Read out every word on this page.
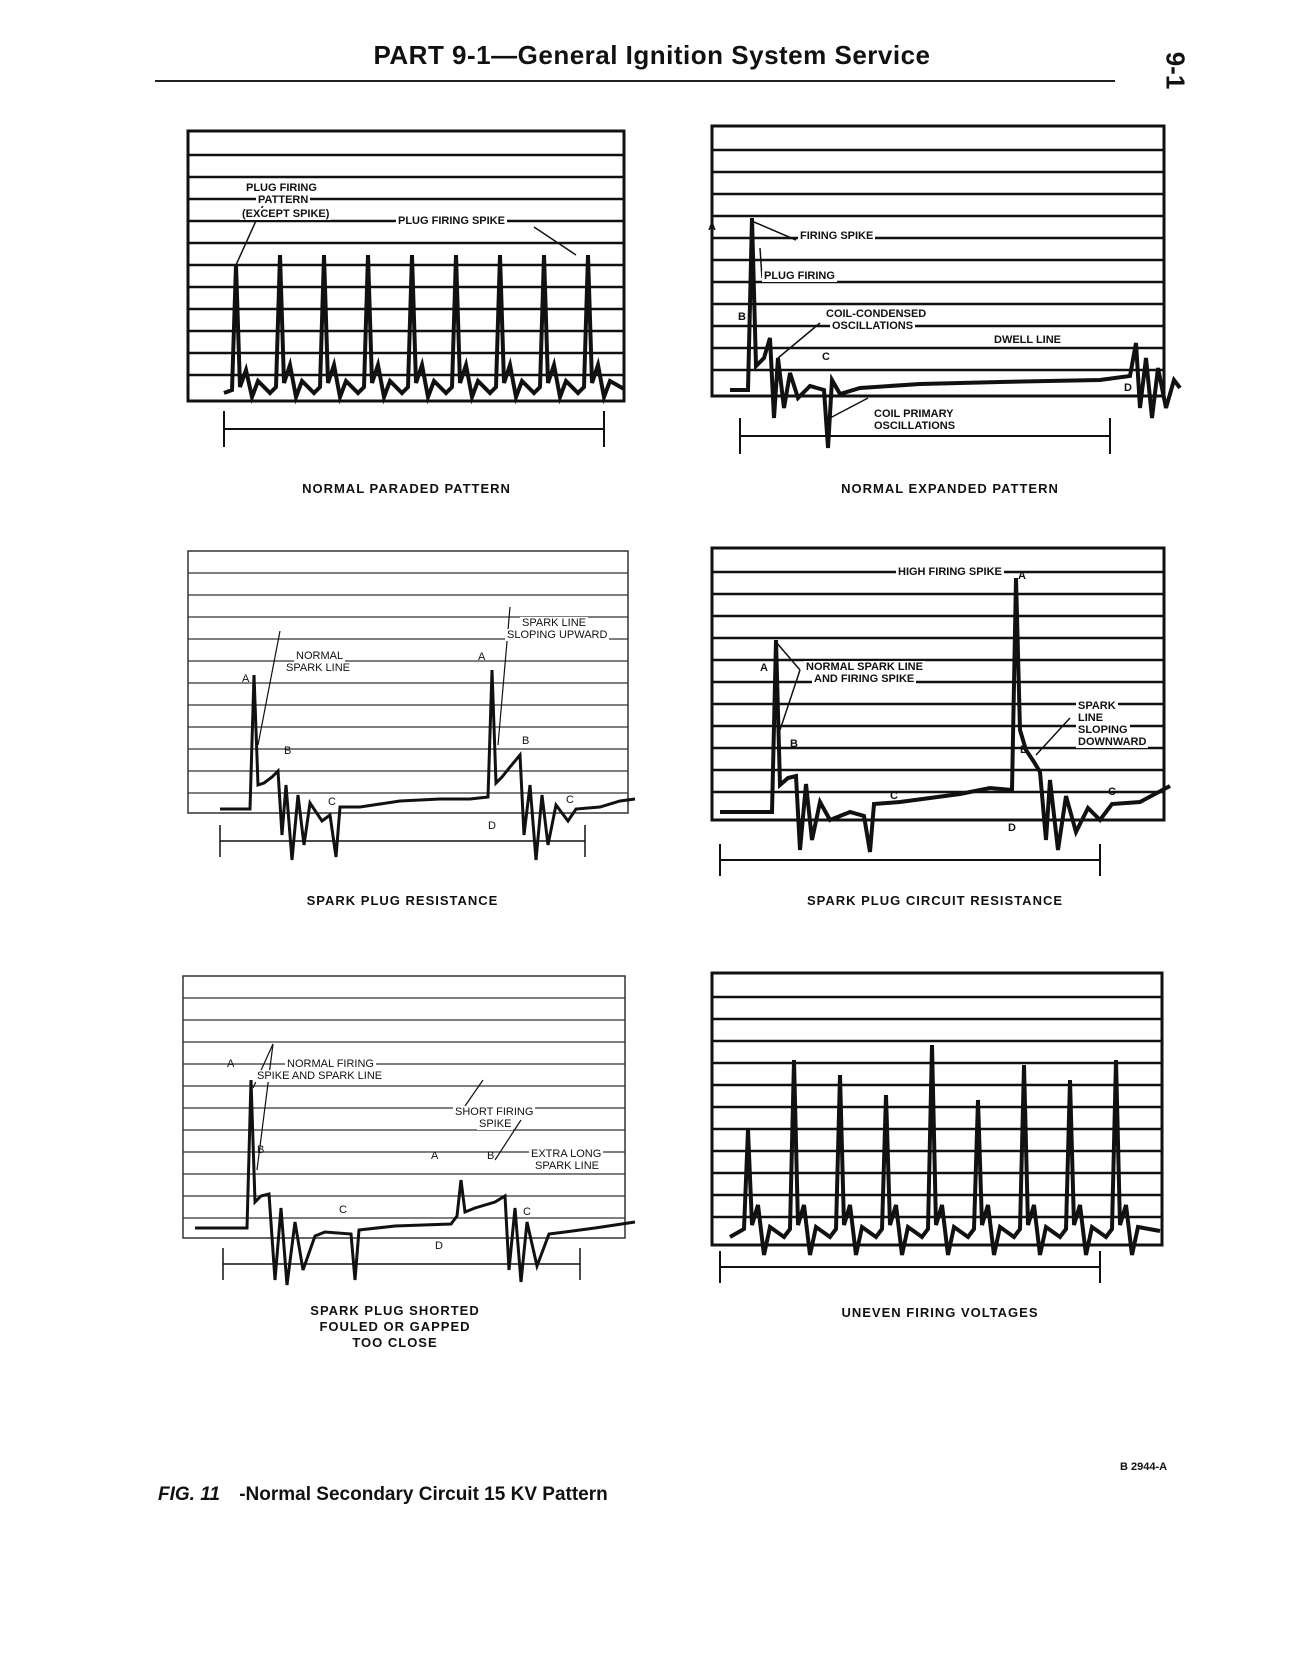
PART 9-1—General Ignition System Service	9-1
PLUG FIRING
PATTERN
(EXCEPT SPIKE)
PLUG FIRING SPIKE
NORMAL PARADED PATTERN
A
B
C
D
FIRING SPIKE
PLUG FIRING
COIL-CONDENSED
OSCILLATIONS
DWELL LINE
COIL PRIMARY
OSCILLATIONS
NORMAL EXPANDED PATTERN
A
B
C
A
B
C
D
NORMAL
SPARK LINE
SPARK LINE
SLOPING UPWARD
SPARK PLUG RESISTANCE
A
A
B	B
C	C
D
HIGH FIRING SPIKE
NORMAL SPARK LINE
AND FIRING SPIKE
SPARK
LINE
SLOPING
DOWNWARD
SPARK PLUG CIRCUIT RESISTANCE
A
B
C
A	B
C
D
NORMAL FIRING
SPIKE AND SPARK LINE
SHORT FIRING
SPIKE
EXTRA LONG
SPARK LINE
SPARK PLUG SHORTED
FOULED OR GAPPED
TOO CLOSE
UNEVEN FIRING VOLTAGES
B 2944-A
FIG. 11 -Normal Secondary Circuit 15 KV Pattern
